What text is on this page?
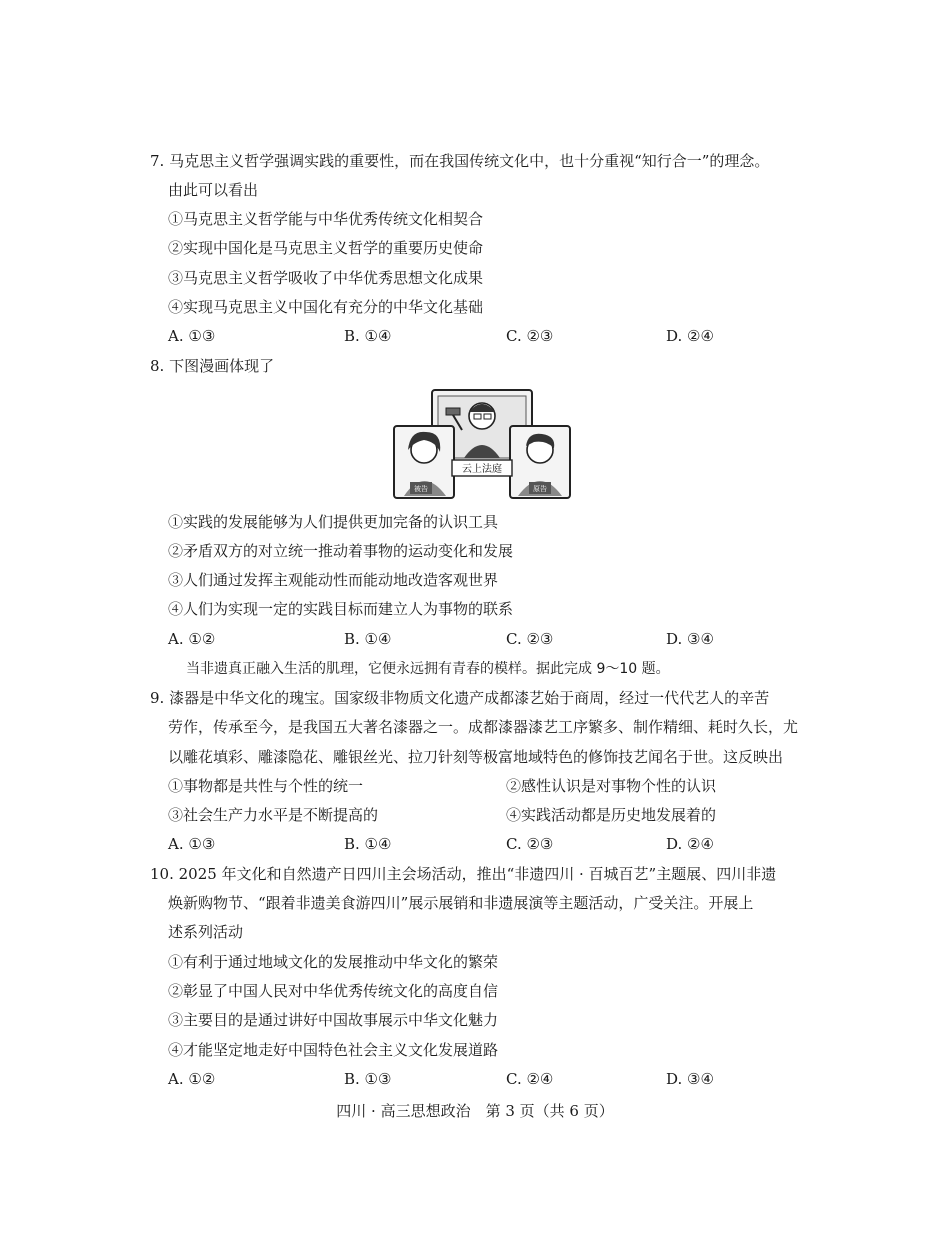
7. 马克思主义哲学强调实践的重要性，而在我国传统文化中，也十分重视“知行合一”的理念。
由此可以看出
①马克思主义哲学能与中华优秀传统文化相契合
②实现中国化是马克思主义哲学的重要历史使命
③马克思主义哲学吸收了中华优秀思想文化成果
④实现马克思主义中国化有充分的中华文化基础
A. ①③	B. ①④	C. ②③	D. ②④
8. 下图漫画体现了
被告	原告
云上法庭
①实践的发展能够为人们提供更加完备的认识工具
②矛盾双方的对立统一推动着事物的运动变化和发展
③人们通过发挥主观能动性而能动地改造客观世界
④人们为实现一定的实践目标而建立人为事物的联系
A. ①②	B. ①④	C. ②③	D. ③④
当非遗真正融入生活的肌理，它便永远拥有青春的模样。据此完成 9～10 题。
9. 漆器是中华文化的瑰宝。国家级非物质文化遗产成都漆艺始于商周，经过一代代艺人的辛苦
劳作，传承至今，是我国五大著名漆器之一。成都漆器漆艺工序繁多、制作精细、耗时久长，尤
以雕花填彩、雕漆隐花、雕银丝光、拉刀针刻等极富地域特色的修饰技艺闻名于世。这反映出
①事物都是共性与个性的统一	②感性认识是对事物个性的认识
③社会生产力水平是不断提高的	④实践活动都是历史地发展着的
A. ①③	B. ①④	C. ②③	D. ②④
10. 2025 年文化和自然遗产日四川主会场活动，推出“非遗四川 · 百城百艺”主题展、四川非遗
焕新购物节、“跟着非遗美食游四川”展示展销和非遗展演等主题活动，广受关注。开展上
述系列活动
①有利于通过地域文化的发展推动中华文化的繁荣
②彰显了中国人民对中华优秀传统文化的高度自信
③主要目的是通过讲好中国故事展示中华文化魅力
④才能坚定地走好中国特色社会主义文化发展道路
A. ①②	B. ①③	C. ②④	D. ③④
四川 · 高三思想政治　第 3 页（共 6 页）
